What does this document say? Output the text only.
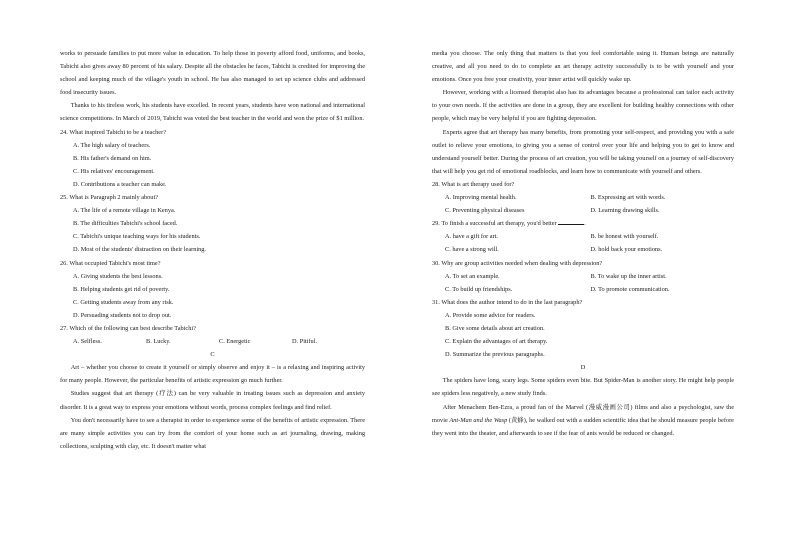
works to persuade families to put more value in education. To help those in poverty afford food, uniforms, and books, Tabichi also gives away 80 percent of his salary. Despite all the obstacles he faces, Tabichi is credited for improving the school and keeping much of the village's youth in school. He has also managed to set up science clubs and addressed food insecurity issues.

Thanks to his tireless work, his students have excelled. In recent years, students have won national and international science competitions. In March of 2019, Tabichi was voted the best teacher in the world and won the prize of $1 million.

24. What inspired Tabichi to be a teacher?

A. The high salary of teachers.

B. His father's demand on him.

C. His relatives' encouragement.

D. Contributions a teacher can make.

25. What is Paragraph 2 mainly about?

A. The life of a remote village in Kenya.

B. The difficulties Tabichi's school faced.

C. Tabichi's unique teaching ways for his students.

D. Most of the students' distraction on their learning.

26. What occupied Tabichi's most time?

A. Giving students the best lessons.

B. Helping students get rid of poverty.

C. Getting students away from any risk.

D. Persuading students not to drop out.

27. Which of the following can best describe Tabichi?

A. Selfless.	B. Lucky.	C. Energetic	D. Pitiful.

C

Art – whether you choose to create it yourself or simply observe and enjoy it – is a relaxing and inspiring activity for many people. However, the particular benefits of artistic expression go much further.

Studies suggest that art therapy (疗法) can be very valuable in treating issues such as depression and anxiety disorder. It is a great way to express your emotions without words, process complex feelings and find relief.

You don't necessarily have to see a therapist in order to experience some of the benefits of artistic expression. There are many simple activities you can try from the comfort of your home such as art journaling, drawing, making collections, sculpting with clay, etc. It doesn't matter what

media you choose. The only thing that matters is that you feel comfortable using it. Human beings are naturally creative, and all you need to do to complete an art therapy activity successfully is to be with yourself and your emotions. Once you free your creativity, your inner artist will quickly wake up.

However, working with a licensed therapist also has its advantages because a professional can tailor each activity to your own needs. If the activities are done in a group, they are excellent for building healthy connections with other people, which may be very helpful if you are fighting depression.

Experts agree that art therapy has many benefits, from promoting your self-respect, and providing you with a safe outlet to relieve your emotions, to giving you a sense of control over your life and helping you to get to know and understand yourself better. During the process of art creation, you will be taking yourself on a journey of self-discovery that will help you get rid of emotional roadblocks, and learn how to communicate with yourself and others.

28. What is art therapy used for?

A. Improving mental health.	B. Expressing art with words.
C. Preventing physical diseases	D. Learning drawing skills.

29. To finish a successful art therapy, you'd better	.

A. have a gift for art.	B. be honest with yourself.
C. have a strong will.	D. hold back your emotions.

30. Why are group activities needed when dealing with depression?

A. To set an example.	B. To wake up the inner artist.
C. To build up friendships.	D. To promote communication.

31. What does the author intend to do in the last paragraph?

A. Provide some advice for readers.

B. Give some details about art creation.

C. Explain the advantages of art therapy.

D. Summarize the previous paragraphs.

D

The spiders have long, scary legs. Some spiders even bite. But Spider-Man is another story. He might help people see spiders less negatively, a new study finds.

After Menachem Ben-Ezra, a proud fan of the Marvel (漫威漫画公司) films and also a psychologist, saw the movie Ant-Man and the Wasp (黄蜂), he walked out with a sudden scientific idea that he should measure people before they went into the theater, and afterwards to see if the fear of ants would be reduced or changed.
